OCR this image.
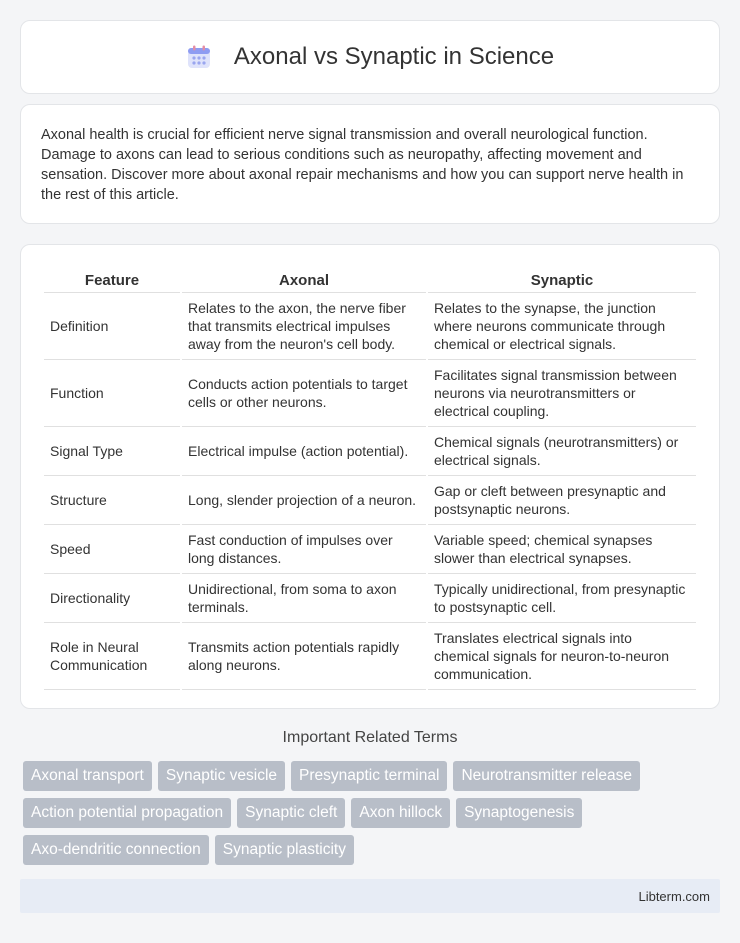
Axonal vs Synaptic in Science

Axonal health is crucial for efficient nerve signal transmission and overall neurological function. Damage to axons can lead to serious conditions such as neuropathy, affecting movement and sensation. Discover more about axonal repair mechanisms and how you can support nerve health in the rest of this article.

Feature	Axonal	Synaptic
Definition	Relates to the axon, the nerve fiber that transmits electrical impulses away from the neuron's cell body.	Relates to the synapse, the junction where neurons communicate through chemical or electrical signals.
Function	Conducts action potentials to target cells or other neurons.	Facilitates signal transmission between neurons via neurotransmitters or electrical coupling.
Signal Type	Electrical impulse (action potential).	Chemical signals (neurotransmitters) or electrical signals.
Structure	Long, slender projection of a neuron.	Gap or cleft between presynaptic and postsynaptic neurons.
Speed	Fast conduction of impulses over long distances.	Variable speed; chemical synapses slower than electrical synapses.
Directionality	Unidirectional, from soma to axon terminals.	Typically unidirectional, from presynaptic to postsynaptic cell.
Role in Neural Communication	Transmits action potentials rapidly along neurons.	Translates electrical signals into chemical signals for neuron-to-neuron communication.
Important Related Terms
Axonal transport	Synaptic vesicle	Presynaptic terminal	Neurotransmitter release
Action potential propagation	Synaptic cleft	Axon hillock	Synaptogenesis
Axo-dendritic connection	Synaptic plasticity
Libterm.com
